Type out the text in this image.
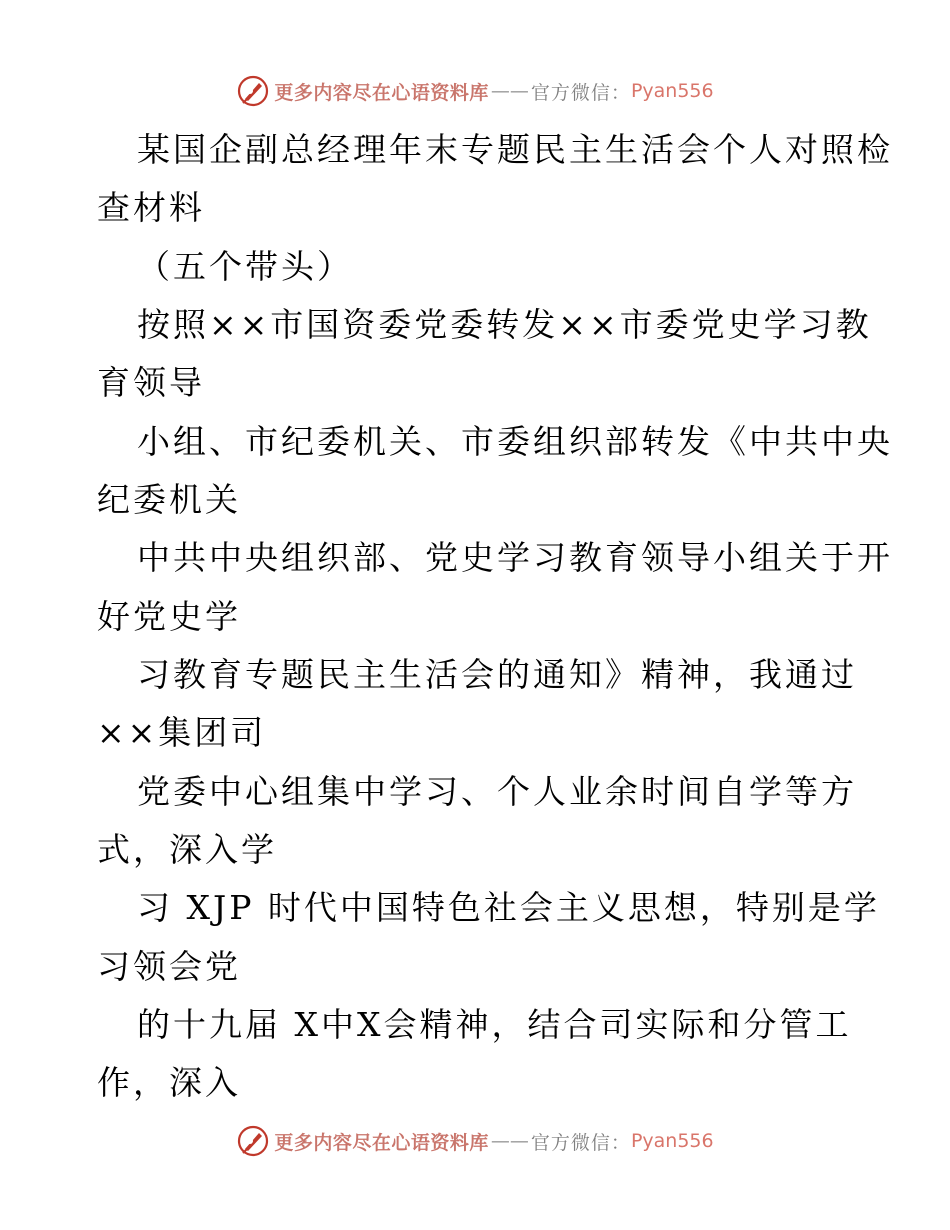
更多内容尽在心语资料库 —— 官方微信： Pyan556
某国企副总经理年末专题民主生活会个人对照检
查材料
（五个带头）
按照××市国资委党委转发××市委党史学习教
育领导
小组、市纪委机关、市委组织部转发《中共中央
纪委机关
中共中央组织部、党史学习教育领导小组关于开
好党史学
习教育专题民主生活会的通知》精神，我通过
××集团司
党委中心组集中学习、个人业余时间自学等方
式，深入学
习 XJP 时代中国特色社会主义思想，特别是学
习领会党
的十九届 X中X会精神，结合司实际和分管工
作，深入
更多内容尽在心语资料库 —— 官方微信： Pyan556
